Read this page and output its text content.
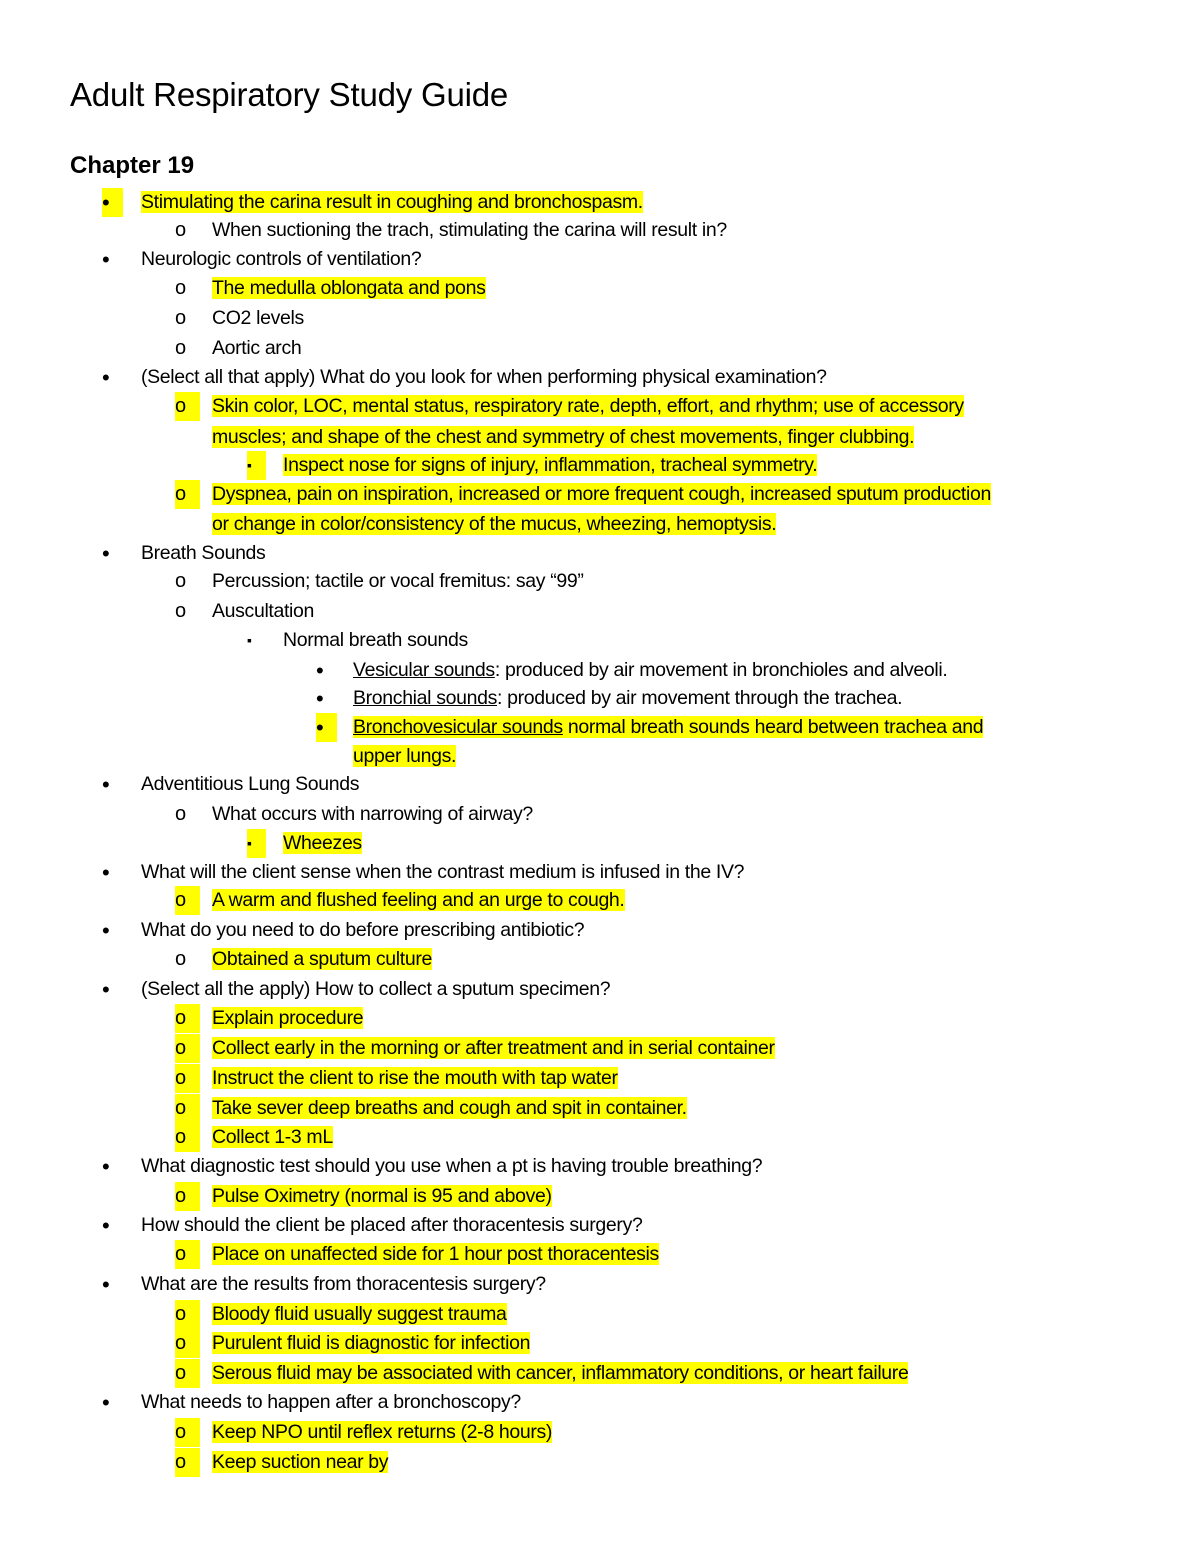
Adult Respiratory Study Guide
Chapter 19
•	Stimulating the carina result in coughing and bronchospasm.
o When suctioning the trach, stimulating the carina will result in?
• Neurologic controls of ventilation?
o The medulla oblongata and pons
o CO2 levels
o Aortic arch
• (Select all that apply) What do you look for when performing physical examination?
o	Skin color, LOC, mental status, respiratory rate, depth, effort, and rhythm; use of accessory
muscles; and shape of the chest and symmetry of chest movements, finger clubbing.
▪	Inspect nose for signs of injury, inflammation, tracheal symmetry.
o	Dyspnea, pain on inspiration, increased or more frequent cough, increased sputum production
or change in color/consistency of the mucus, wheezing, hemoptysis.
• Breath Sounds
o Percussion; tactile or vocal fremitus: say “99”
o Auscultation
▪ Normal breath sounds
• Vesicular sounds: produced by air movement in bronchioles and alveoli.
• Bronchial sounds: produced by air movement through the trachea.
•	Bronchovesicular sounds normal breath sounds heard between trachea and
upper lungs.
• Adventitious Lung Sounds
o What occurs with narrowing of airway?
▪	Wheezes
• What will the client sense when the contrast medium is infused in the IV?
o	A warm and flushed feeling and an urge to cough.
• What do you need to do before prescribing antibiotic?
o Obtained a sputum culture
• (Select all the apply) How to collect a sputum specimen?
o	Explain procedure
o	Collect early in the morning or after treatment and in serial container
o	Instruct the client to rise the mouth with tap water
o	Take sever deep breaths and cough and spit in container.
o	Collect 1-3 mL
• What diagnostic test should you use when a pt is having trouble breathing?
o	Pulse Oximetry (normal is 95 and above)
• How should the client be placed after thoracentesis surgery?
o	Place on unaffected side for 1 hour post thoracentesis
• What are the results from thoracentesis surgery?
o	Bloody fluid usually suggest trauma
o	Purulent fluid is diagnostic for infection
o	Serous fluid may be associated with cancer, inflammatory conditions, or heart failure
• What needs to happen after a bronchoscopy?
o	Keep NPO until reflex returns (2-8 hours)
o	Keep suction near by
